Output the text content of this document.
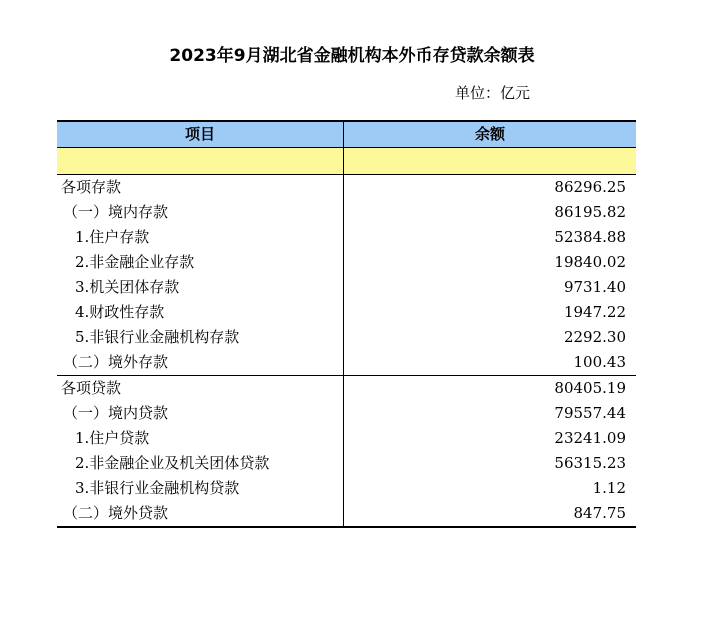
2023年9月湖北省金融机构本外币存贷款余额表
单位：亿元
项目	余额
各项存款	86296.25
（一）境内存款	86195.82
1.住户存款	52384.88
2.非金融企业存款	19840.02
3.机关团体存款	9731.40
4.财政性存款	1947.22
5.非银行业金融机构存款	2292.30
（二）境外存款	100.43
各项贷款	80405.19
（一）境内贷款	79557.44
1.住户贷款	23241.09
2.非金融企业及机关团体贷款	56315.23
3.非银行业金融机构贷款	1.12
（二）境外贷款	847.75
